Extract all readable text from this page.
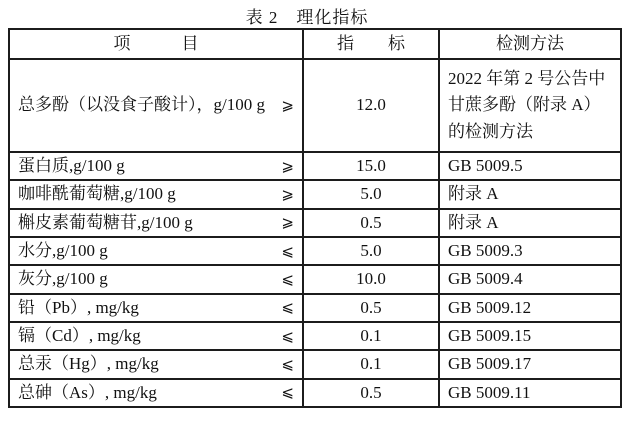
表 2　理化指标
项　　　目	指　　标	检测方法

总多酚（以没食子酸计），g/100 g ⩾	12.0	2022 年第 2 号公告中甘蔗多酚（附录 A）的检测方法

蛋白质,g/100 g ⩾	15.0	GB 5009.5

咖啡酰葡萄糖,g/100 g ⩾	5.0	附录 A

槲皮素葡萄糖苷,g/100 g ⩾	0.5	附录 A

水分,g/100 g ⩽	5.0	GB 5009.3

灰分,g/100 g ⩽	10.0	GB 5009.4

铅（Pb）, mg/kg ⩽	0.5	GB 5009.12

镉（Cd）, mg/kg ⩽	0.1	GB 5009.15

总汞（Hg）, mg/kg ⩽	0.1	GB 5009.17

总砷（As）, mg/kg ⩽	0.5	GB 5009.11
